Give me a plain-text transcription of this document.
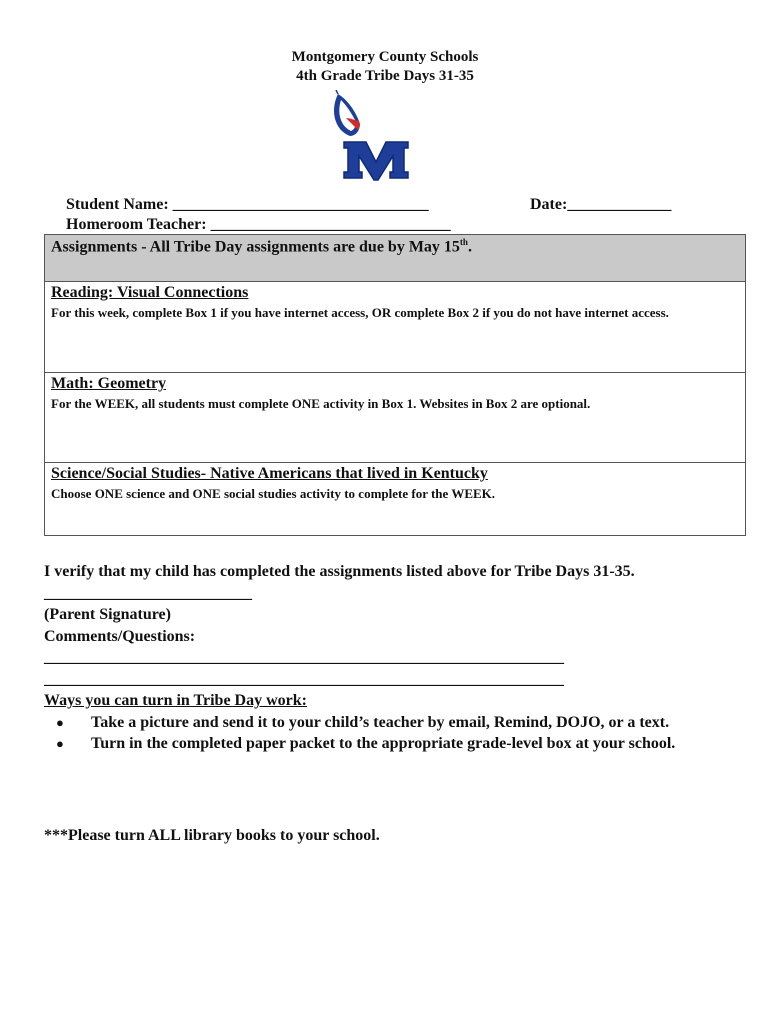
Montgomery County Schools
4th Grade Tribe Days 31-35
Student Name: ________________________________	Date:_____________
Homeroom Teacher: ______________________________
Assignments - All Tribe Day assignments are due by May 15th.
Reading: Visual Connections
For this week, complete Box 1 if you have internet access, OR complete Box 2 if you do not have internet access.
Math: Geometry
For the WEEK, all students must complete ONE activity in Box 1. Websites in Box 2 are optional.
Science/Social Studies- Native Americans that lived in Kentucky
Choose ONE science and ONE social studies activity to complete for the WEEK.
I verify that my child has completed the assignments listed above for Tribe Days 31-35.
__________________________
(Parent Signature)
Comments/Questions:
_________________________________________________________________
_________________________________________________________________
Ways you can turn in Tribe Day work:
● Take a picture and send it to your child’s teacher by email, Remind, DOJO, or a text.
● Turn in the completed paper packet to the appropriate grade-level box at your school.
***Please turn ALL library books to your school.
